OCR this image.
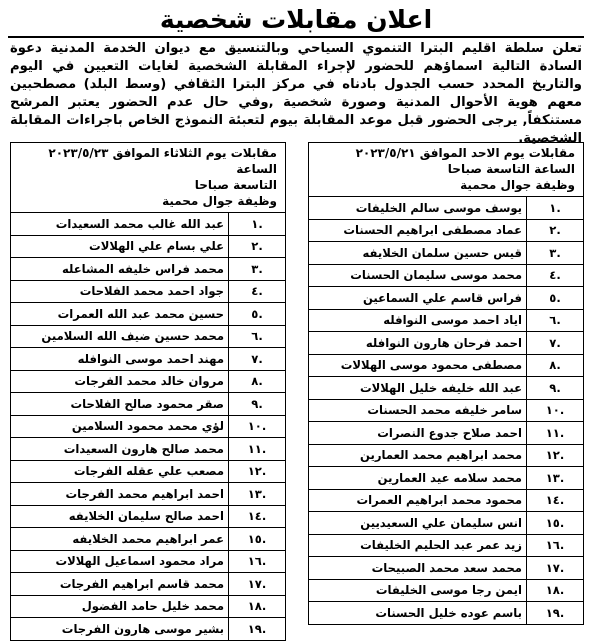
اعلان مقابلات شخصية
تعلن سلطة اقليم البترا التنموي السياحي وبالتنسيق مع ديوان الخدمة المدنية دعوة السادة التالية اسماؤهم للحضور لإجراء المقابلة الشخصية لغايات التعيين في اليوم والتاريخ المحدد حسب الجدول بادناه في مركز البترا الثقافي (وسط البلد) مصطحبين معهم هوية الأحوال المدنية وصورة شخصية ,وفي حال عدم الحضور يعتبر المرشح مستنكفاً, يرجى الحضور قبل موعد المقابلة بيوم لتعبئة النموذج الخاص باجراءات المقابلة الشخصية.
مقابلات يوم الاحد الموافق ٢٠٢٣/٥/٢١
الساعة التاسعة صباحا
وظيفة جوال محمية	

.١	يوسف موسى سالم الخليفات
.٢	عماد مصطفى ابراهيم الحسنات
.٣	قيس حسين سلمان الخلايفه
.٤	محمد موسى سليمان الحسنات
.٥	فراس قاسم علي السماعين
.٦	اياد احمد موسى النوافله
.٧	احمد فرحان هارون النوافله
.٨	مصطفى محمود موسى الهلالات
.٩	عبد الله خليفه خليل الهلالات
.١٠	سامر خليفه محمد الحسنات
.١١	احمد صلاح جدوع النصرات
.١٢	محمد ابراهيم محمد العمارين
.١٣	محمد سلامه عيد العمارين
.١٤	محمود محمد ابراهيم العمرات
.١٥	انس سليمان علي السعيديين
.١٦	زيد عمر عبد الحليم الخليفات
.١٧	محمد سعد محمد الصبيحات
.١٨	ايمن رجا موسى الخليفات
.١٩	باسم عوده خليل الحسنات
مقابلات يوم الثلاثاء الموافق ٢٠٢٣/٥/٢٣ الساعة
التاسعة صباحا
وظيفة جوال محمية	

.١	عبد الله غالب محمد السعيدات
.٢	علي بسام علي الهلالات
.٣	محمد فراس خليفه المشاعله
.٤	جواد احمد محمد الفلاحات
.٥	حسين محمد عبد الله العمرات
.٦	محمد حسين ضيف الله السلامين
.٧	مهند احمد موسى النوافله
.٨	مروان خالد محمد الفرجات
.٩	صقر محمود صالح الفلاحات
.١٠	لؤي محمد محمود السلامين
.١١	محمد صالح هارون السعيدات
.١٢	مصعب علي عقله الفرجات
.١٣	احمد ابراهيم محمد الفرجات
.١٤	احمد صالح سليمان الخلايفه
.١٥	عمر ابراهيم محمد الخلايفه
.١٦	مراد محمود اسماعيل الهلالات
.١٧	محمد قاسم ابراهيم الفرجات
.١٨	محمد خليل حامد الفضول
.١٩	بشير موسى هارون الفرجات
